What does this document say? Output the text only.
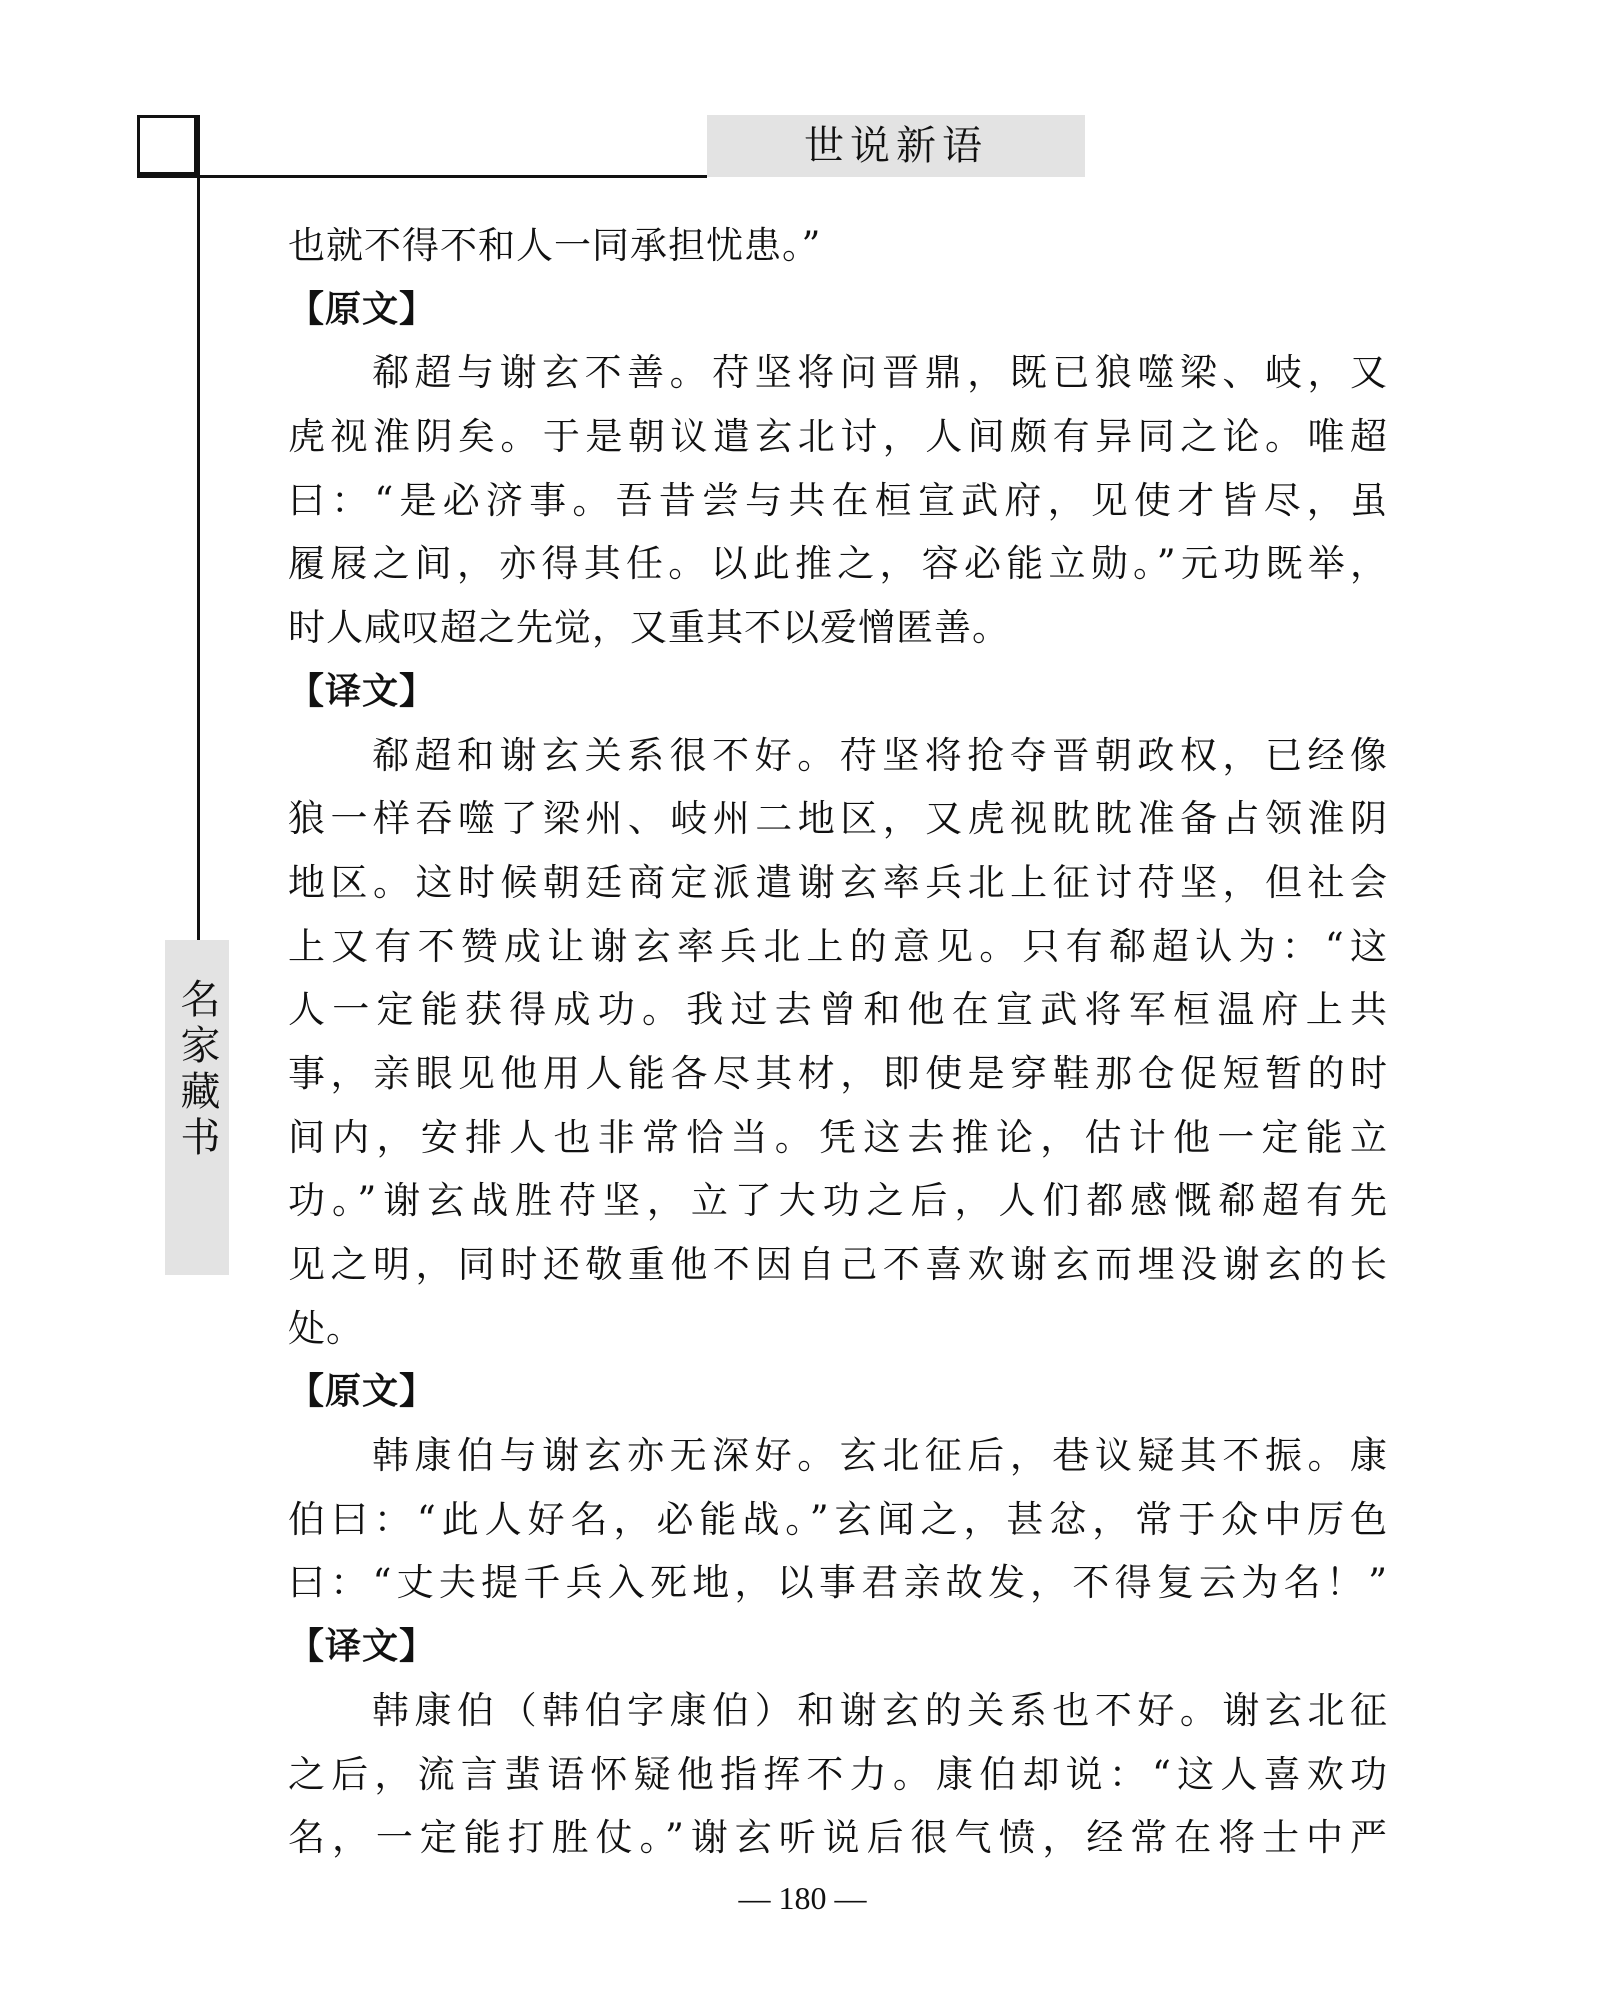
世说新语
名
家
藏
书
也就不得不和人一同承担忧患。”
【原文】
郗超与谢玄不善。苻坚将问晋鼎，既已狼噬梁、岐，又
虎视淮阴矣。于是朝议遣玄北讨，人间颇有异同之论。唯超
曰：“是必济事。吾昔尝与共在桓宣武府，见使才皆尽，虽
履屐之间，亦得其任。以此推之，容必能立勋。”元功既举，
时人咸叹超之先觉，又重其不以爱憎匿善。
【译文】
郗超和谢玄关系很不好。苻坚将抢夺晋朝政权，已经像
狼一样吞噬了梁州、岐州二地区，又虎视眈眈准备占领淮阴
地区。这时候朝廷商定派遣谢玄率兵北上征讨苻坚，但社会
上又有不赞成让谢玄率兵北上的意见。只有郗超认为：“这
人一定能获得成功。我过去曾和他在宣武将军桓温府上共
事，亲眼见他用人能各尽其材，即使是穿鞋那仓促短暂的时
间内，安排人也非常恰当。凭这去推论，估计他一定能立
功。”谢玄战胜苻坚，立了大功之后，人们都感慨郗超有先
见之明，同时还敬重他不因自己不喜欢谢玄而埋没谢玄的长
处。
【原文】
韩康伯与谢玄亦无深好。玄北征后，巷议疑其不振。康
伯曰：“此人好名，必能战。”玄闻之，甚忿，常于众中厉色
曰：“丈夫提千兵入死地，以事君亲故发，不得复云为名！”
【译文】
韩康伯（韩伯字康伯）和谢玄的关系也不好。谢玄北征
之后，流言蜚语怀疑他指挥不力。康伯却说：“这人喜欢功
名，一定能打胜仗。”谢玄听说后很气愤，经常在将士中严
— 180 —
